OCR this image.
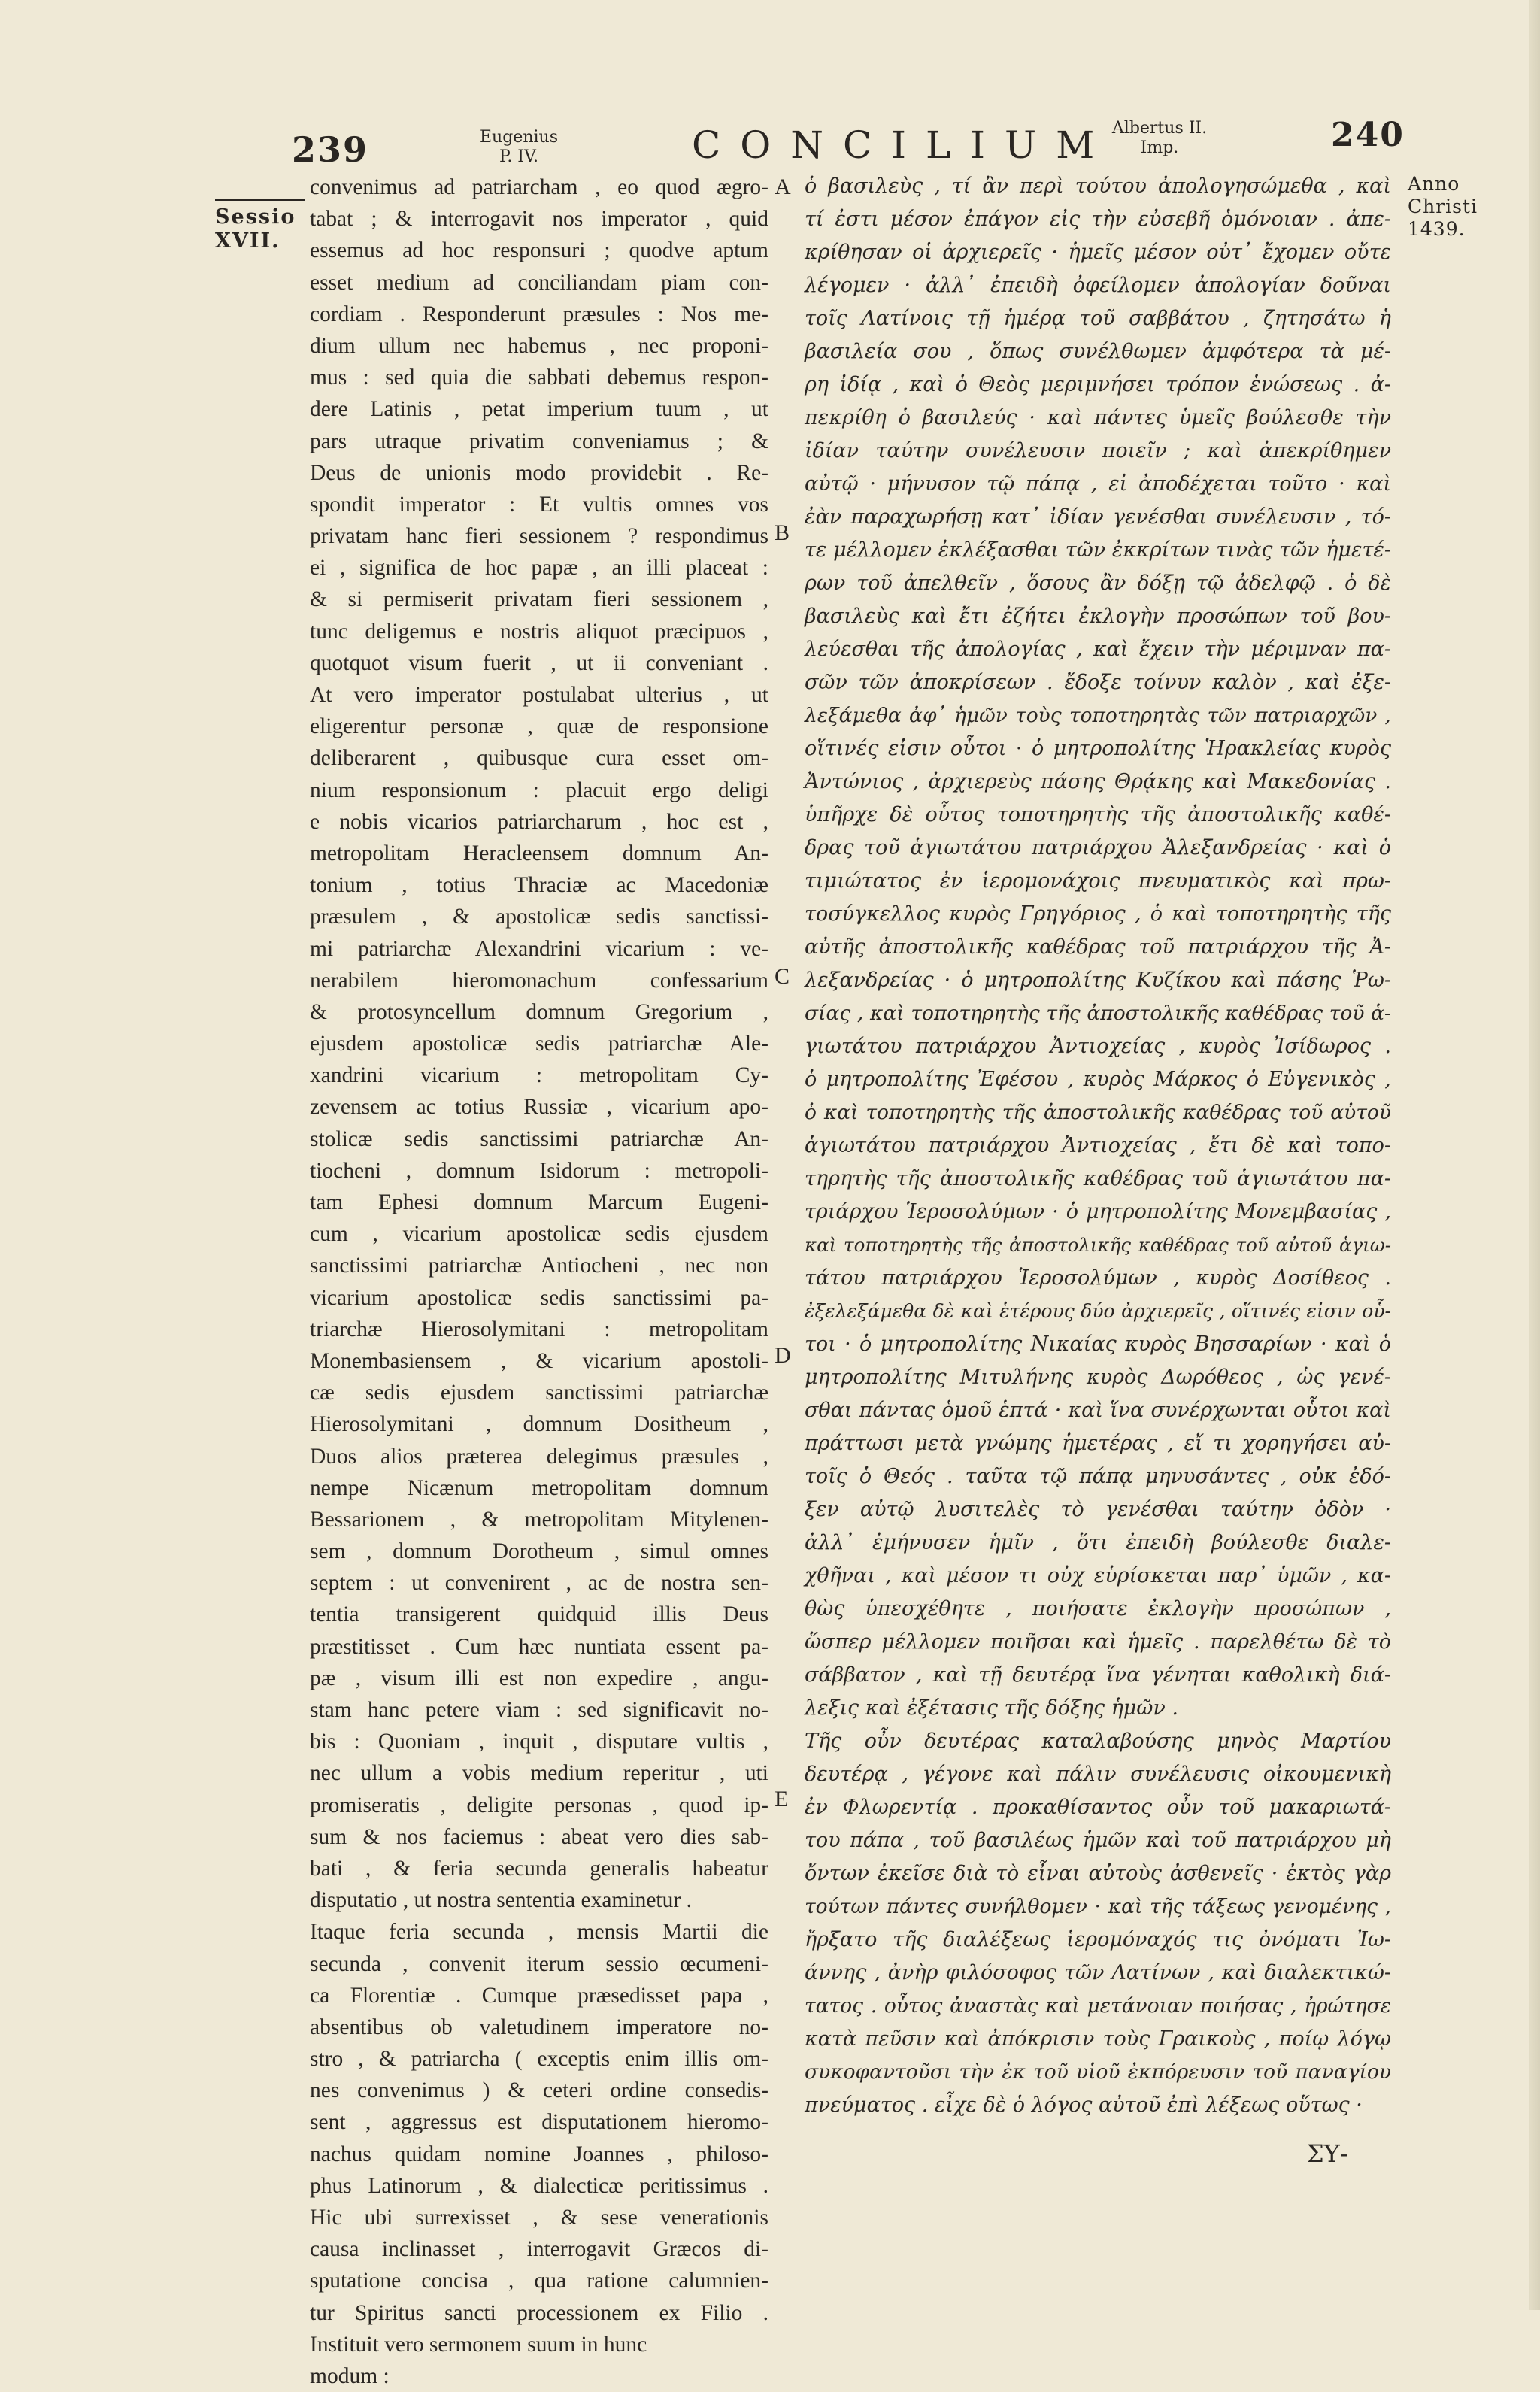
239	Eugenius
P. IV.	CONCILIUM
Albertus II.
Imp.	240
Sessio
XVII.
Anno
Christi
1439.
convenimus ad patriarcham , eo quod ægro-
tabat ; & interrogavit nos imperator , quid
essemus ad hoc responsuri ; quodve aptum
esset medium ad conciliandam piam con-
cordiam . Responderunt præsules : Nos me-
dium ullum nec habemus , nec proponi-
mus : sed quia die sabbati debemus respon-
dere Latinis , petat imperium tuum , ut
pars utraque privatim conveniamus ; &
Deus de unionis modo providebit . Re-
spondit imperator : Et vultis omnes vos
privatam hanc fieri sessionem ? respondimus
ei , significa de hoc papæ , an illi placeat :
& si permiserit privatam fieri sessionem ,
tunc deligemus e nostris aliquot præcipuos ,
quotquot visum fuerit , ut ii conveniant .
At vero imperator postulabat ulterius , ut
eligerentur personæ , quæ de responsione
deliberarent , quibusque cura esset om-
nium responsionum : placuit ergo deligi
e nobis vicarios patriarcharum , hoc est ,
metropolitam Heracleensem domnum An-
tonium , totius Thraciæ ac Macedoniæ
præsulem , & apostolicæ sedis sanctissi-
mi patriarchæ Alexandrini vicarium : ve-
nerabilem hieromonachum confessarium
& protosyncellum domnum Gregorium ,
ejusdem apostolicæ sedis patriarchæ Ale-
xandrini vicarium : metropolitam Cy-
zevensem ac totius Russiæ , vicarium apo-
stolicæ sedis sanctissimi patriarchæ An-
tiocheni , domnum Isidorum : metropoli-
tam Ephesi domnum Marcum Eugeni-
cum , vicarium apostolicæ sedis ejusdem
sanctissimi patriarchæ Antiocheni , nec non
vicarium apostolicæ sedis sanctissimi pa-
triarchæ Hierosolymitani : metropolitam
Monembasiensem , & vicarium apostoli-
cæ sedis ejusdem sanctissimi patriarchæ
Hierosolymitani , domnum Dositheum ,
Duos alios præterea delegimus præsules ,
nempe Nicænum metropolitam domnum
Bessarionem , & metropolitam Mitylenen-
sem , domnum Dorotheum , simul omnes
septem : ut convenirent , ac de nostra sen-
tentia transigerent quidquid illis Deus
præstitisset . Cum hæc nuntiata essent pa-
pæ , visum illi est non expedire , angu-
stam hanc petere viam : sed significavit no-
bis : Quoniam , inquit , disputare vultis ,
nec ullum a vobis medium reperitur , uti
promiseratis , deligite personas , quod ip-
sum & nos faciemus : abeat vero dies sab-
bati , & feria secunda generalis habeatur
disputatio , ut nostra sententia examinetur .
Itaque feria secunda , mensis Martii die
secunda , convenit iterum sessio œcumeni-
ca Florentiæ . Cumque præsedisset papa ,
absentibus ob valetudinem imperatore no-
stro , & patriarcha ( exceptis enim illis om-
nes convenimus ) & ceteri ordine consedis-
sent , aggressus est disputationem hieromo-
nachus quidam nomine Joannes , philoso-
phus Latinorum , & dialecticæ peritissimus .
Hic ubi surrexisset , & sese venerationis
causa inclinasset , interrogavit Græcos di-
sputatione concisa , qua ratione calumnien-
tur Spiritus sancti processionem ex Filio .
Instituit vero sermonem suum in hunc
modum :
A
B
C
D
E
ὁ βασιλεὺς , τί ἂν περὶ τούτου ἀπολογησώμεθα , καὶ
τί ἐστι μέσον ἐπάγον εἰς τὴν εὐσεβῆ ὁμόνοιαν . ἀπε-
κρίθησαν οἱ ἀρχιερεῖς · ἡμεῖς μέσον οὐτ᾽ ἔχομεν οὔτε
λέγομεν · ἀλλ᾽ ἐπειδὴ ὀφείλομεν ἀπολογίαν δοῦναι
τοῖς Λατίνοις τῇ ἡμέρᾳ τοῦ σαββάτου , ζητησάτω ἡ
βασιλεία σου , ὅπως συνέλθωμεν ἀμφότερα τὰ μέ-
ρη ἰδίᾳ , καὶ ὁ Θεὸς μεριμνήσει τρόπον ἑνώσεως . ἀ-
πεκρίθη ὁ βασιλεύς · καὶ πάντες ὑμεῖς βούλεσθε τὴν
ἰδίαν ταύτην συνέλευσιν ποιεῖν ; καὶ ἀπεκρίθημεν
αὐτῷ · μήνυσον τῷ πάπᾳ , εἰ ἀποδέχεται τοῦτο · καὶ
ἐὰν παραχωρήσῃ κατ᾽ ἰδίαν γενέσθαι συνέλευσιν , τό-
τε μέλλομεν ἐκλέξασθαι τῶν ἐκκρίτων τινὰς τῶν ἡμετέ-
ρων τοῦ ἀπελθεῖν , ὅσους ἂν δόξῃ τῷ ἀδελφῷ . ὁ δὲ
βασιλεὺς καὶ ἔτι ἐζήτει ἐκλογὴν προσώπων τοῦ βου-
λεύεσθαι τῆς ἀπολογίας , καὶ ἔχειν τὴν μέριμναν πα-
σῶν τῶν ἀποκρίσεων . ἔδοξε τοίνυν καλὸν , καὶ ἐξε-
λεξάμεθα ἀφ᾽ ἡμῶν τοὺς τοποτηρητὰς τῶν πατριαρχῶν ,
οἵτινές εἰσιν οὗτοι · ὁ μητροπολίτης Ἡρακλείας κυρὸς
Ἀντώνιος , ἀρχιερεὺς πάσης Θρᾴκης καὶ Μακεδονίας .
ὑπῆρχε δὲ οὗτος τοποτηρητὴς τῆς ἀποστολικῆς καθέ-
δρας τοῦ ἁγιωτάτου πατριάρχου Ἀλεξανδρείας · καὶ ὁ
τιμιώτατος ἐν ἱερομονάχοις πνευματικὸς καὶ πρω-
τοσύγκελλος κυρὸς Γρηγόριος , ὁ καὶ τοποτηρητὴς τῆς
αὐτῆς ἀποστολικῆς καθέδρας τοῦ πατριάρχου τῆς Ἀ-
λεξανδρείας · ὁ μητροπολίτης Κυζίκου καὶ πάσης Ῥω-
σίας , καὶ τοποτηρητὴς τῆς ἀποστολικῆς καθέδρας τοῦ ἁ-
γιωτάτου πατριάρχου Ἀντιοχείας , κυρὸς Ἰσίδωρος .
ὁ μητροπολίτης Ἐφέσου , κυρὸς Μάρκος ὁ Εὐγενικὸς ,
ὁ καὶ τοποτηρητὴς τῆς ἀποστολικῆς καθέδρας τοῦ αὐτοῦ
ἁγιωτάτου πατριάρχου Ἀντιοχείας , ἔτι δὲ καὶ τοπο-
τηρητὴς τῆς ἀποστολικῆς καθέδρας τοῦ ἁγιωτάτου πα-
τριάρχου Ἱεροσολύμων · ὁ μητροπολίτης Μονεμβασίας ,
καὶ τοποτηρητὴς τῆς ἀποστολικῆς καθέδρας τοῦ αὐτοῦ ἁγιω-
τάτου πατριάρχου Ἱεροσολύμων , κυρὸς Δοσίθεος .
ἐξελεξάμεθα δὲ καὶ ἑτέρους δύο ἀρχιερεῖς , οἵτινές εἰσιν οὗ-
τοι · ὁ μητροπολίτης Νικαίας κυρὸς Βησσαρίων · καὶ ὁ
μητροπολίτης Μιτυλήνης κυρὸς Δωρόθεος , ὡς γενέ-
σθαι πάντας ὁμοῦ ἑπτά · καὶ ἵνα συνέρχωνται οὗτοι καὶ
πράττωσι μετὰ γνώμης ἡμετέρας , εἴ τι χορηγήσει αὐ-
τοῖς ὁ Θεός . ταῦτα τῷ πάπᾳ μηνυσάντες , οὐκ ἐδό-
ξεν αὐτῷ λυσιτελὲς τὸ γενέσθαι ταύτην ὁδὸν ·
ἀλλ᾽ ἐμήνυσεν ἡμῖν , ὅτι ἐπειδὴ βούλεσθε διαλε-
χθῆναι , καὶ μέσον τι οὐχ εὑρίσκεται παρ᾽ ὑμῶν , κα-
θὼς ὑπεσχέθητε , ποιήσατε ἐκλογὴν προσώπων ,
ὥσπερ μέλλομεν ποιῆσαι καὶ ἡμεῖς . παρελθέτω δὲ τὸ
σάββατον , καὶ τῇ δευτέρᾳ ἵνα γένηται καθολικὴ διά-
λεξις καὶ ἐξέτασις τῆς δόξης ἡμῶν .
Τῆς οὖν δευτέρας καταλαβούσης μηνὸς Μαρτίου
δευτέρᾳ , γέγονε καὶ πάλιν συνέλευσις οἰκουμενικὴ
ἐν Φλωρεντίᾳ . προκαθίσαντος οὖν τοῦ μακαριωτά-
του πάπα , τοῦ βασιλέως ἡμῶν καὶ τοῦ πατριάρχου μὴ
ὄντων ἐκεῖσε διὰ τὸ εἶναι αὐτοὺς ἀσθενεῖς · ἐκτὸς γὰρ
τούτων πάντες συνήλθομεν · καὶ τῆς τάξεως γενομένης ,
ἤρξατο τῆς διαλέξεως ἱερομόναχός τις ὀνόματι Ἰω-
άννης , ἀνὴρ φιλόσοφος τῶν Λατίνων , καὶ διαλεκτικώ-
τατος . οὗτος ἀναστὰς καὶ μετάνοιαν ποιήσας , ἠρώτησε
κατὰ πεῦσιν καὶ ἀπόκρισιν τοὺς Γραικοὺς , ποίῳ λόγῳ
συκοφαντοῦσι τὴν ἐκ τοῦ υἱοῦ ἐκπόρευσιν τοῦ παναγίου
πνεύματος . εἶχε δὲ ὁ λόγος αὐτοῦ ἐπὶ λέξεως οὕτως ·
ΣΥ-
